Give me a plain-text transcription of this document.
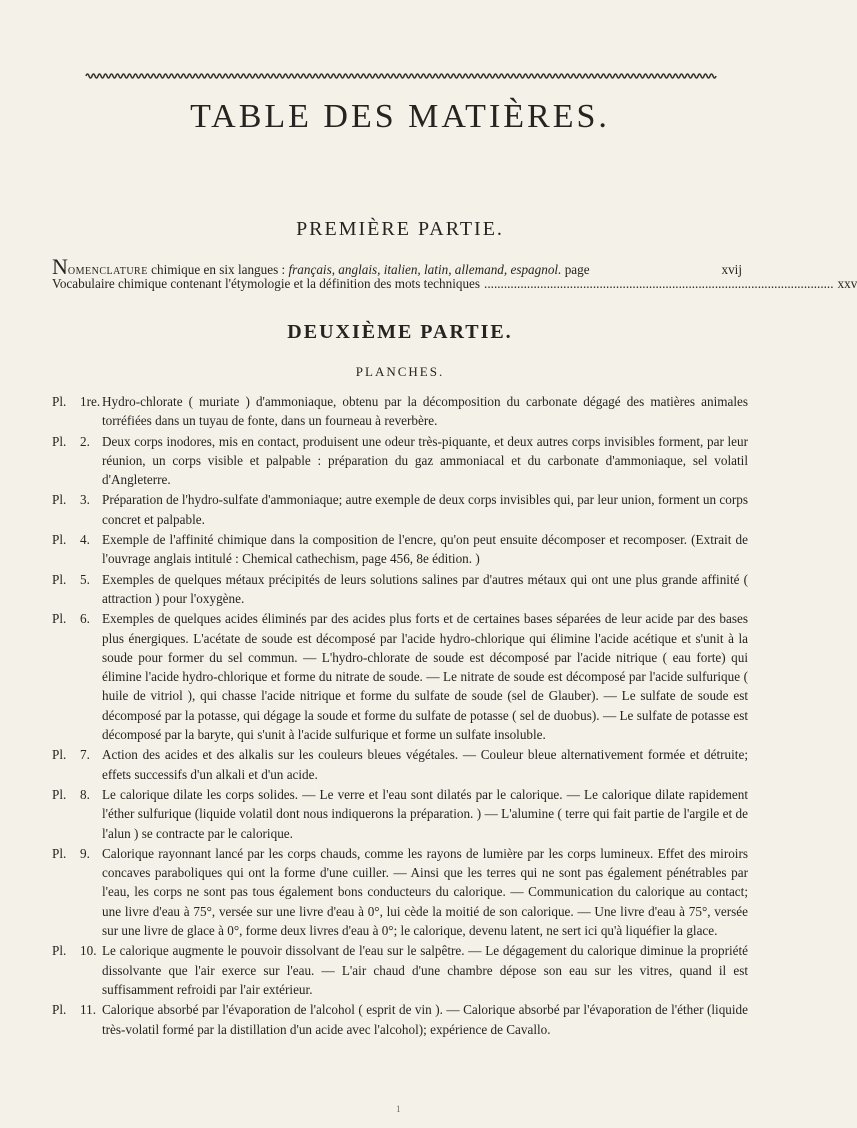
TABLE DES MATIÈRES.
PREMIÈRE PARTIE.
NOMENCLATURE chimique en six langues : français, anglais, italien, latin, allemand, espagnol. page	xvij
Vocabulaire chimique contenant l'étymologie et la définition des mots techniques .......................................................................................................... xxv
DEUXIÈME PARTIE.
PLANCHES.
Pl.	1re. Hydro-chlorate ( muriate ) d'ammoniaque, obtenu par la décomposition du carbonate dégagé des matières animales torréfiées dans un tuyau de fonte, dans un fourneau à reverbère.
Pl.	2. Deux corps inodores, mis en contact, produisent une odeur très-piquante, et deux autres corps invisibles forment, par leur réunion, un corps visible et palpable : préparation du gaz ammoniacal et du carbonate d'ammoniaque, sel volatil d'Angleterre.
Pl.	3. Préparation de l'hydro-sulfate d'ammoniaque; autre exemple de deux corps invisibles qui, par leur union, forment un corps concret et palpable.
Pl.	4. Exemple de l'affinité chimique dans la composition de l'encre, qu'on peut ensuite décomposer et recomposer. (Extrait de l'ouvrage anglais intitulé : Chemical cathechism, page 456, 8e édition. )
Pl.	5. Exemples de quelques métaux précipités de leurs solutions salines par d'autres métaux qui ont une plus grande affinité ( attraction ) pour l'oxygène.
Pl.	6. Exemples de quelques acides éliminés par des acides plus forts et de certaines bases séparées de leur acide par des bases plus énergiques. L'acétate de soude est décomposé par l'acide hydro-chlorique qui élimine l'acide acétique et s'unit à la soude pour former du sel commun. — L'hydro-chlorate de soude est décomposé par l'acide nitrique ( eau forte) qui élimine l'acide hydro-chlorique et forme du nitrate de soude. — Le nitrate de soude est décomposé par l'acide sulfurique ( huile de vitriol ), qui chasse l'acide nitrique et forme du sulfate de soude (sel de Glauber). — Le sulfate de soude est décomposé par la potasse, qui dégage la soude et forme du sulfate de potasse ( sel de duobus). — Le sulfate de potasse est décomposé par la baryte, qui s'unit à l'acide sulfurique et forme un sulfate insoluble.
Pl.	7. Action des acides et des alkalis sur les couleurs bleues végétales. — Couleur bleue alternativement formée et détruite; effets successifs d'un alkali et d'un acide.
Pl.	8. Le calorique dilate les corps solides. — Le verre et l'eau sont dilatés par le calorique. — Le calorique dilate rapidement l'éther sulfurique (liquide volatil dont nous indiquerons la préparation. ) — L'alumine ( terre qui fait partie de l'argile et de l'alun ) se contracte par le calorique.
Pl.	9. Calorique rayonnant lancé par les corps chauds, comme les rayons de lumière par les corps lumineux. Effet des miroirs concaves paraboliques qui ont la forme d'une cuiller. — Ainsi que les terres qui ne sont pas également pénétrables par l'eau, les corps ne sont pas tous également bons conducteurs du calorique. — Communication du calorique au contact; une livre d'eau à 75°, versée sur une livre d'eau à 0°, lui cède la moitié de son calorique. — Une livre d'eau à 75°, versée sur une livre de glace à 0°, forme deux livres d'eau à 0°; le calorique, devenu latent, ne sert ici qu'à liquéfier la glace.
Pl.	10. Le calorique augmente le pouvoir dissolvant de l'eau sur le salpêtre. — Le dégagement du calorique diminue la propriété dissolvante que l'air exerce sur l'eau. — L'air chaud d'une chambre dépose son eau sur les vitres, quand il est suffisamment refroidi par l'air extérieur.
Pl.	11. Calorique absorbé par l'évaporation de l'alcohol ( esprit de vin ). — Calorique absorbé par l'évaporation de l'éther (liquide très-volatil formé par la distillation d'un acide avec l'alcohol); expérience de Cavallo.
1
